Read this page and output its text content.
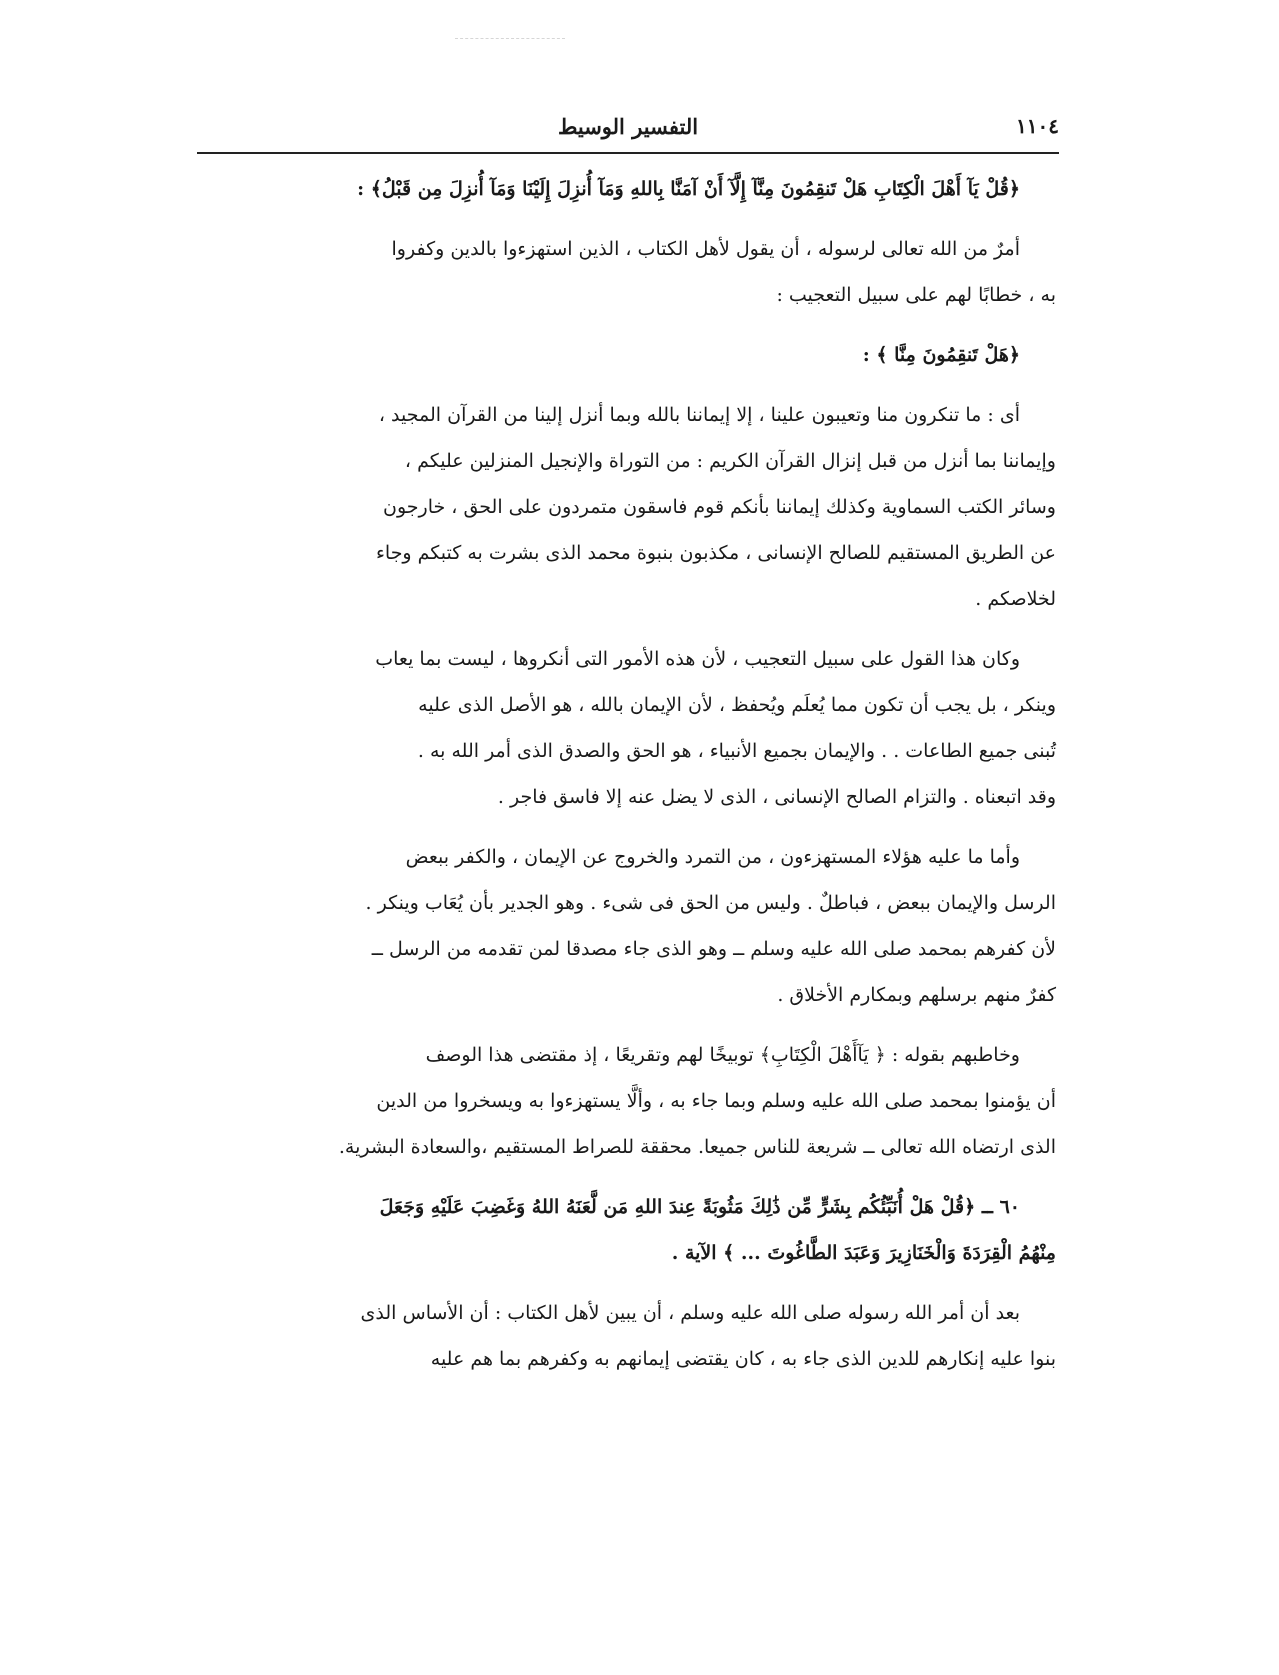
التفسير الوسيط	١١٠٤
﴿قُلْ يَآ أَهْلَ الْكِتَابِ هَلْ تَنقِمُونَ مِنَّآ إِلَّآ أَنْ آمَنَّا بِاللهِ وَمَآ أُنزِلَ إِلَيْنَا وَمَآ أُنزِلَ مِن قَبْلُ﴾ :

أمرٌ من الله تعالى لرسوله ، أن يقول لأهل الكتاب ، الذين استهزءوا بالدين وكفروا

به ، خطابًا لهم على سبيل التعجيب :

﴿هَلْ تَنقِمُونَ مِنَّا ﴾ :

أى : ما تنكرون منا وتعيبون علينا ، إلا إيماننا بالله وبما أنزل إلينا من القرآن المجيد ،

وإيماننا بما أنزل من قبل إنزال القرآن الكريم : من التوراة والإنجيل المنزلين عليكم ،

وسائر الكتب السماوية وكذلك إيماننا بأنكم قوم فاسقون متمردون على الحق ، خارجون

عن الطريق المستقيم للصالح الإنسانى ، مكذبون بنبوة محمد الذى بشرت به كتبكم وجاء

لخلاصكم .

وكان هذا القول على سبيل التعجيب ، لأن هذه الأمور التى أنكروها ، ليست بما يعاب

وينكر ، بل يجب أن تكون مما يُعلَم ويُحفظ ، لأن الإيمان بالله ، هو الأصل الذى عليه

تُبنى جميع الطاعات . . والإيمان بجميع الأنبياء ، هو الحق والصدق الذى أمر الله به .

وقد اتبعناه . والتزام الصالح الإنسانى ، الذى لا يضل عنه إلا فاسق فاجر .

وأما ما عليه هؤلاء المستهزءون ، من التمرد والخروج عن الإيمان ، والكفر ببعض

الرسل والإيمان ببعض ، فباطلٌ . وليس من الحق فى شىء . وهو الجدير بأن يُعَاب وينكر .

لأن كفرهم بمحمد صلى الله عليه وسلم ــ وهو الذى جاء مصدقا لمن تقدمه من الرسل ــ

كفرٌ منهم برسلهم وبمكارم الأخلاق .

وخاطبهم بقوله : ﴿ يَآأَهْلَ الْكِتَابِ﴾ توبيخًا لهم وتقريعًا ، إذ مقتضى هذا الوصف

أن يؤمنوا بمحمد صلى الله عليه وسلم وبما جاء به ، وألَّا يستهزءوا به ويسخروا من الدين

الذى ارتضاه الله تعالى ــ شريعة للناس جميعا. محققة للصراط المستقيم ،والسعادة البشرية.

٦٠ ــ ﴿قُلْ هَلْ أُنَبِّئُكُم بِشَرٍّ مِّن ذَٰلِكَ مَثُوبَةً عِندَ اللهِ مَن لَّعَنَهُ اللهُ وَغَضِبَ عَلَيْهِ وَجَعَلَ

مِنْهُمُ الْقِرَدَةَ وَالْخَنَازِيرَ وَعَبَدَ الطَّاغُوتَ ... ﴾ الآية .

بعد أن أمر الله رسوله صلى الله عليه وسلم ، أن يبين لأهل الكتاب : أن الأساس الذى

بنوا عليه إنكارهم للدين الذى جاء به ، كان يقتضى إيمانهم به وكفرهم بما هم عليه
